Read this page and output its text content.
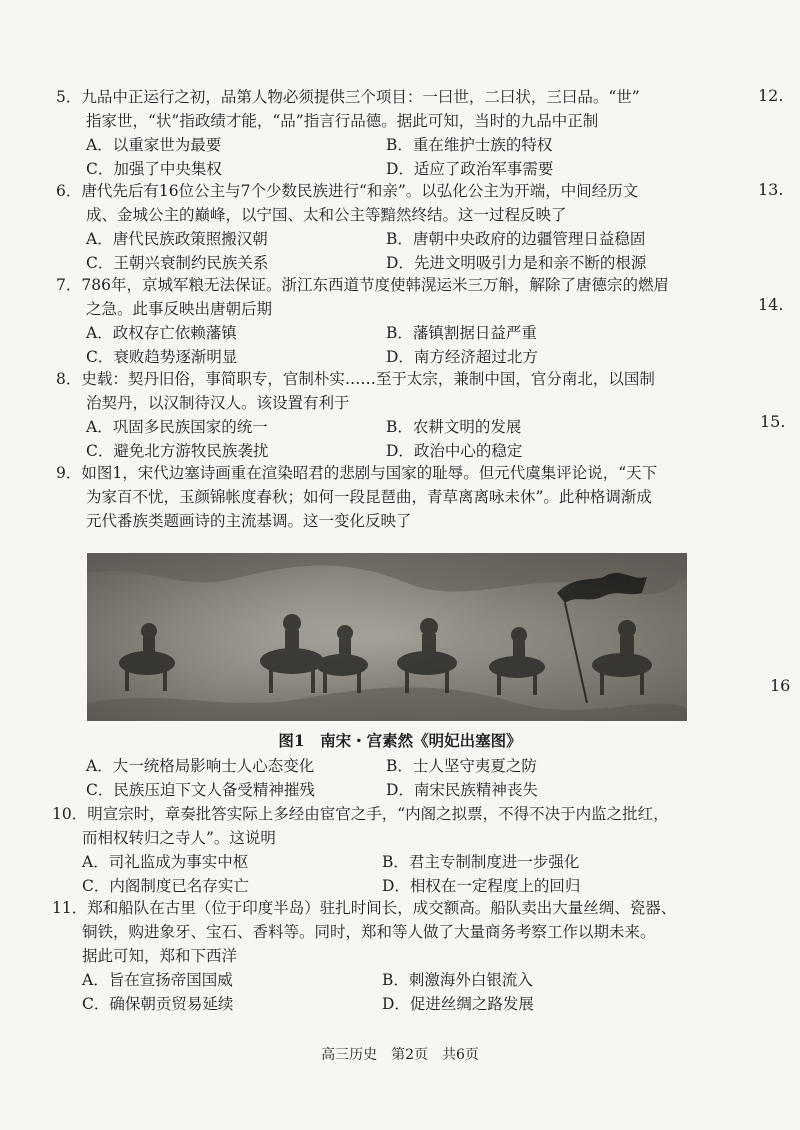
12.
13.
14.
15.
16
5．九品中正运行之初，品第人物必须提供三个项目：一曰世，二曰状，三曰品。“世”
指家世，“状”指政绩才能，“品”指言行品德。据此可知，当时的九品中正制
A．以重家世为最要	B．重在维护士族的特权
C．加强了中央集权	D．适应了政治军事需要
6．唐代先后有16位公主与7个少数民族进行“和亲”。以弘化公主为开端，中间经历文
成、金城公主的巅峰，以宁国、太和公主等黯然终结。这一过程反映了
A．唐代民族政策照搬汉朝	B．唐朝中央政府的边疆管理日益稳固
C．王朝兴衰制约民族关系	D．先进文明吸引力是和亲不断的根源
7．786年，京城军粮无法保证。浙江东西道节度使韩滉运米三万斛，解除了唐德宗的燃眉
之急。此事反映出唐朝后期
A．政权存亡依赖藩镇	B．藩镇割据日益严重
C．衰败趋势逐渐明显	D．南方经济超过北方
8．史载：契丹旧俗，事简职专，官制朴实……至于太宗，兼制中国，官分南北，以国制
治契丹，以汉制待汉人。该设置有利于
A．巩固多民族国家的统一	B．农耕文明的发展
C．避免北方游牧民族袭扰	D．政治中心的稳定
9．如图1，宋代边塞诗画重在渲染昭君的悲剧与国家的耻辱。但元代虞集评论说，“天下
为家百不忧，玉颜锦帐度春秋；如何一段昆琶曲，青草离离咏未休”。此种格调渐成
元代番族类题画诗的主流基调。这一变化反映了
图1　南宋・宫素然《明妃出塞图》
A．大一统格局影响士人心态变化	B．士人坚守夷夏之防
C．民族压迫下文人备受精神摧残	D．南宋民族精神丧失
10．明宣宗时，章奏批答实际上多经由宦官之手，“内阁之拟票，不得不决于内监之批红，
而相权转归之寺人”。这说明
A．司礼监成为事实中枢	B．君主专制制度进一步强化
C．内阁制度已名存实亡	D．相权在一定程度上的回归
11．郑和船队在古里（位于印度半岛）驻扎时间长，成交额高。船队卖出大量丝绸、瓷器、
铜铁，购进象牙、宝石、香料等。同时，郑和等人做了大量商务考察工作以期未来。
据此可知，郑和下西洋
A．旨在宣扬帝国国威	B．刺激海外白银流入
C．确保朝贡贸易延续	D．促进丝绸之路发展
高三历史　第2页　共6页
